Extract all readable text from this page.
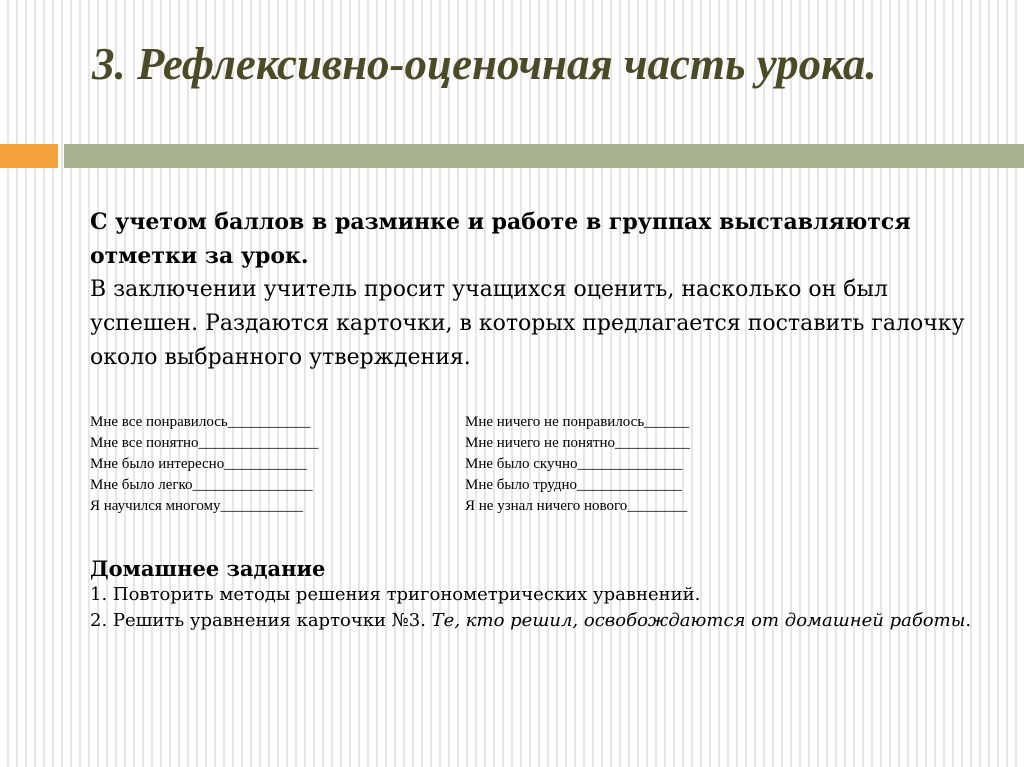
3. Рефлексивно-оценочная часть урока.
С учетом баллов в разминке и работе в группах выставляются отметки за урок.
В заключении учитель просит учащихся оценить, насколько он был успешен. Раздаются карточки, в которых предлагается поставить галочку около выбранного утверждения.
Мне все понравилось___________
Мне все понятно________________
Мне было интересно___________
Мне было легко________________
Я научился многому___________
Мне ничего не понравилось______
Мне ничего не понятно__________
Мне было скучно______________
Мне было трудно______________
Я не узнал ничего нового________
Домашнее задание
1. Повторить методы решения тригонометрических уравнений.
2. Решить уравнения карточки №3. Те, кто решил, освобождаются от домашней работы.
